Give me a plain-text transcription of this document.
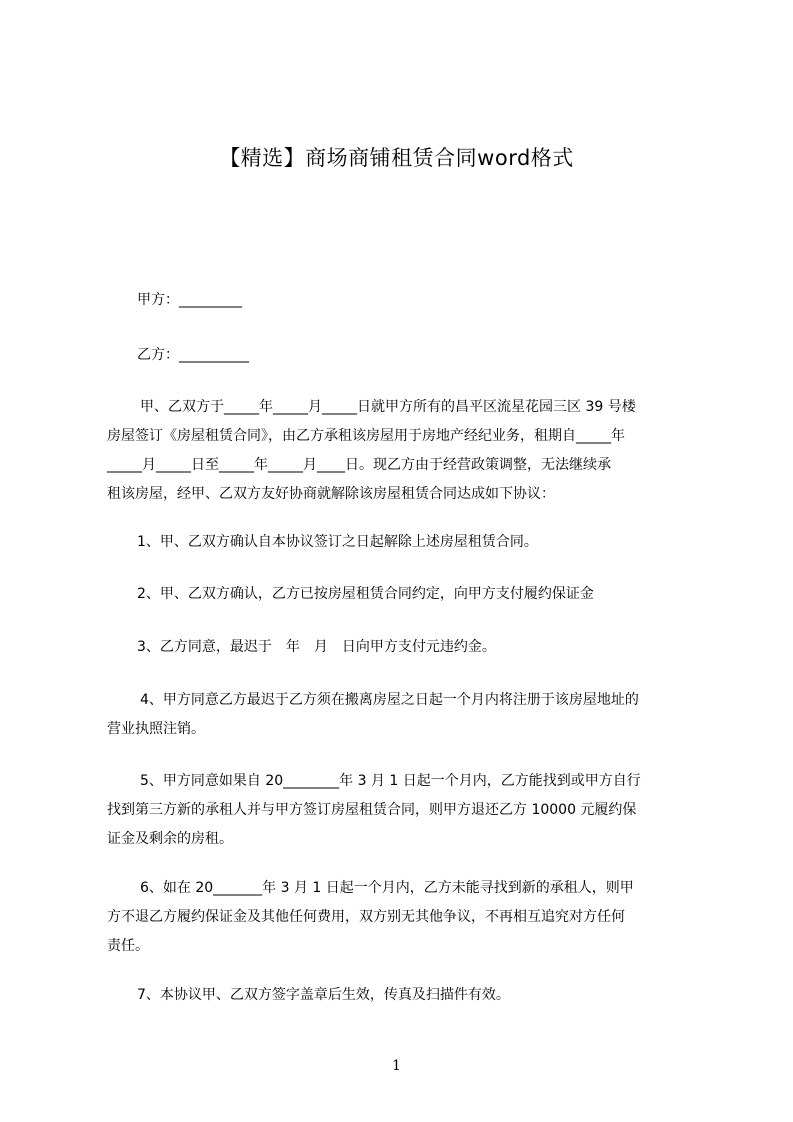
【精选】商场商铺租赁合同word格式
甲方：_________
乙方：__________
甲、乙双方于_____年_____月_____日就甲方所有的昌平区流星花园三区 39 号楼
房屋签订《房屋租赁合同》，由乙方承租该房屋用于房地产经纪业务，租期自_____年
_____月_____日至_____年_____月____日。现乙方由于经营政策调整，无法继续承
租该房屋，经甲、乙双方友好协商就解除该房屋租赁合同达成如下协议：
1、甲、乙双方确认自本协议签订之日起解除上述房屋租赁合同。
2、甲、乙双方确认，乙方已按房屋租赁合同约定，向甲方支付履约保证金
3、乙方同意，最迟于　年　月　日向甲方支付元违约金。
4、甲方同意乙方最迟于乙方须在搬离房屋之日起一个月内将注册于该房屋地址的
营业执照注销。
5、甲方同意如果自 20________年 3 月 1 日起一个月内，乙方能找到或甲方自行
找到第三方新的承租人并与甲方签订房屋租赁合同，则甲方退还乙方 10000 元履约保
证金及剩余的房租。
6、如在 20_______年 3 月 1 日起一个月内，乙方未能寻找到新的承租人，则甲
方不退乙方履约保证金及其他任何费用，双方别无其他争议，不再相互追究对方任何
责任。
7、本协议甲、乙双方签字盖章后生效，传真及扫描件有效。
1
